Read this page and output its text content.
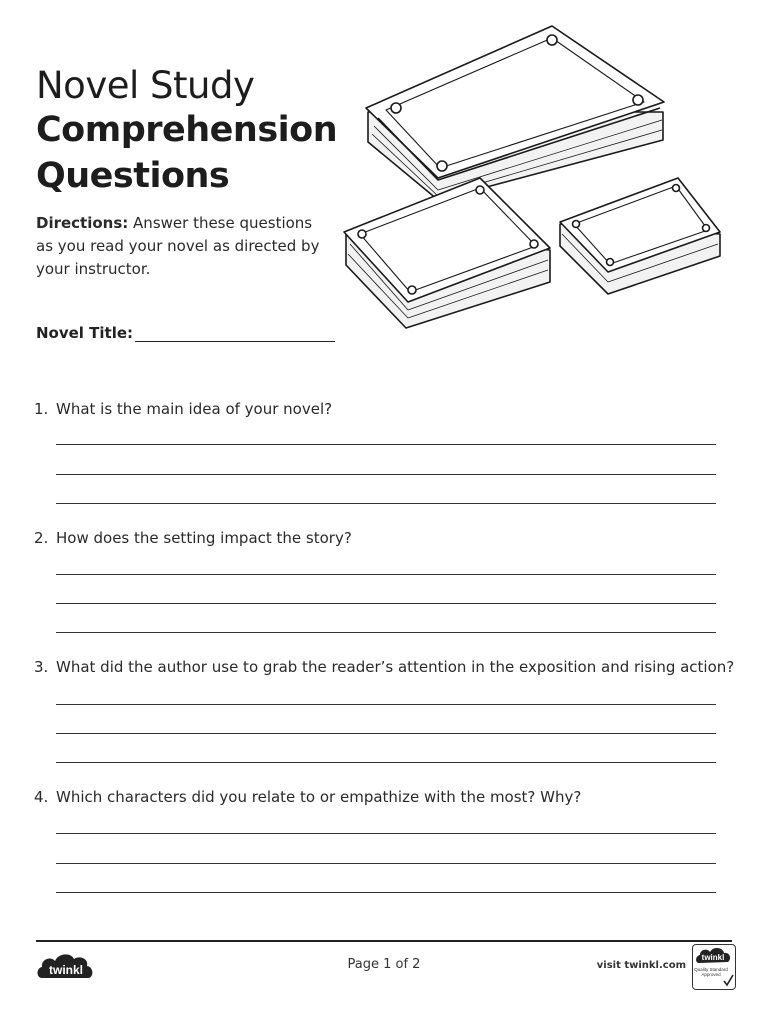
Novel Study
Comprehension
Questions
Directions: Answer these questions as you read your novel as directed by your instructor.
Novel Title:
1. What is the main idea of your novel?
2. How does the setting impact the story?
3. What did the author use to grab the reader’s attention in the exposition and rising action?
4. Which characters did you relate to or empathize with the most? Why?
twinkl	Page 1 of 2	visit twinkl.com
twinkl
Quality Standard Approved
